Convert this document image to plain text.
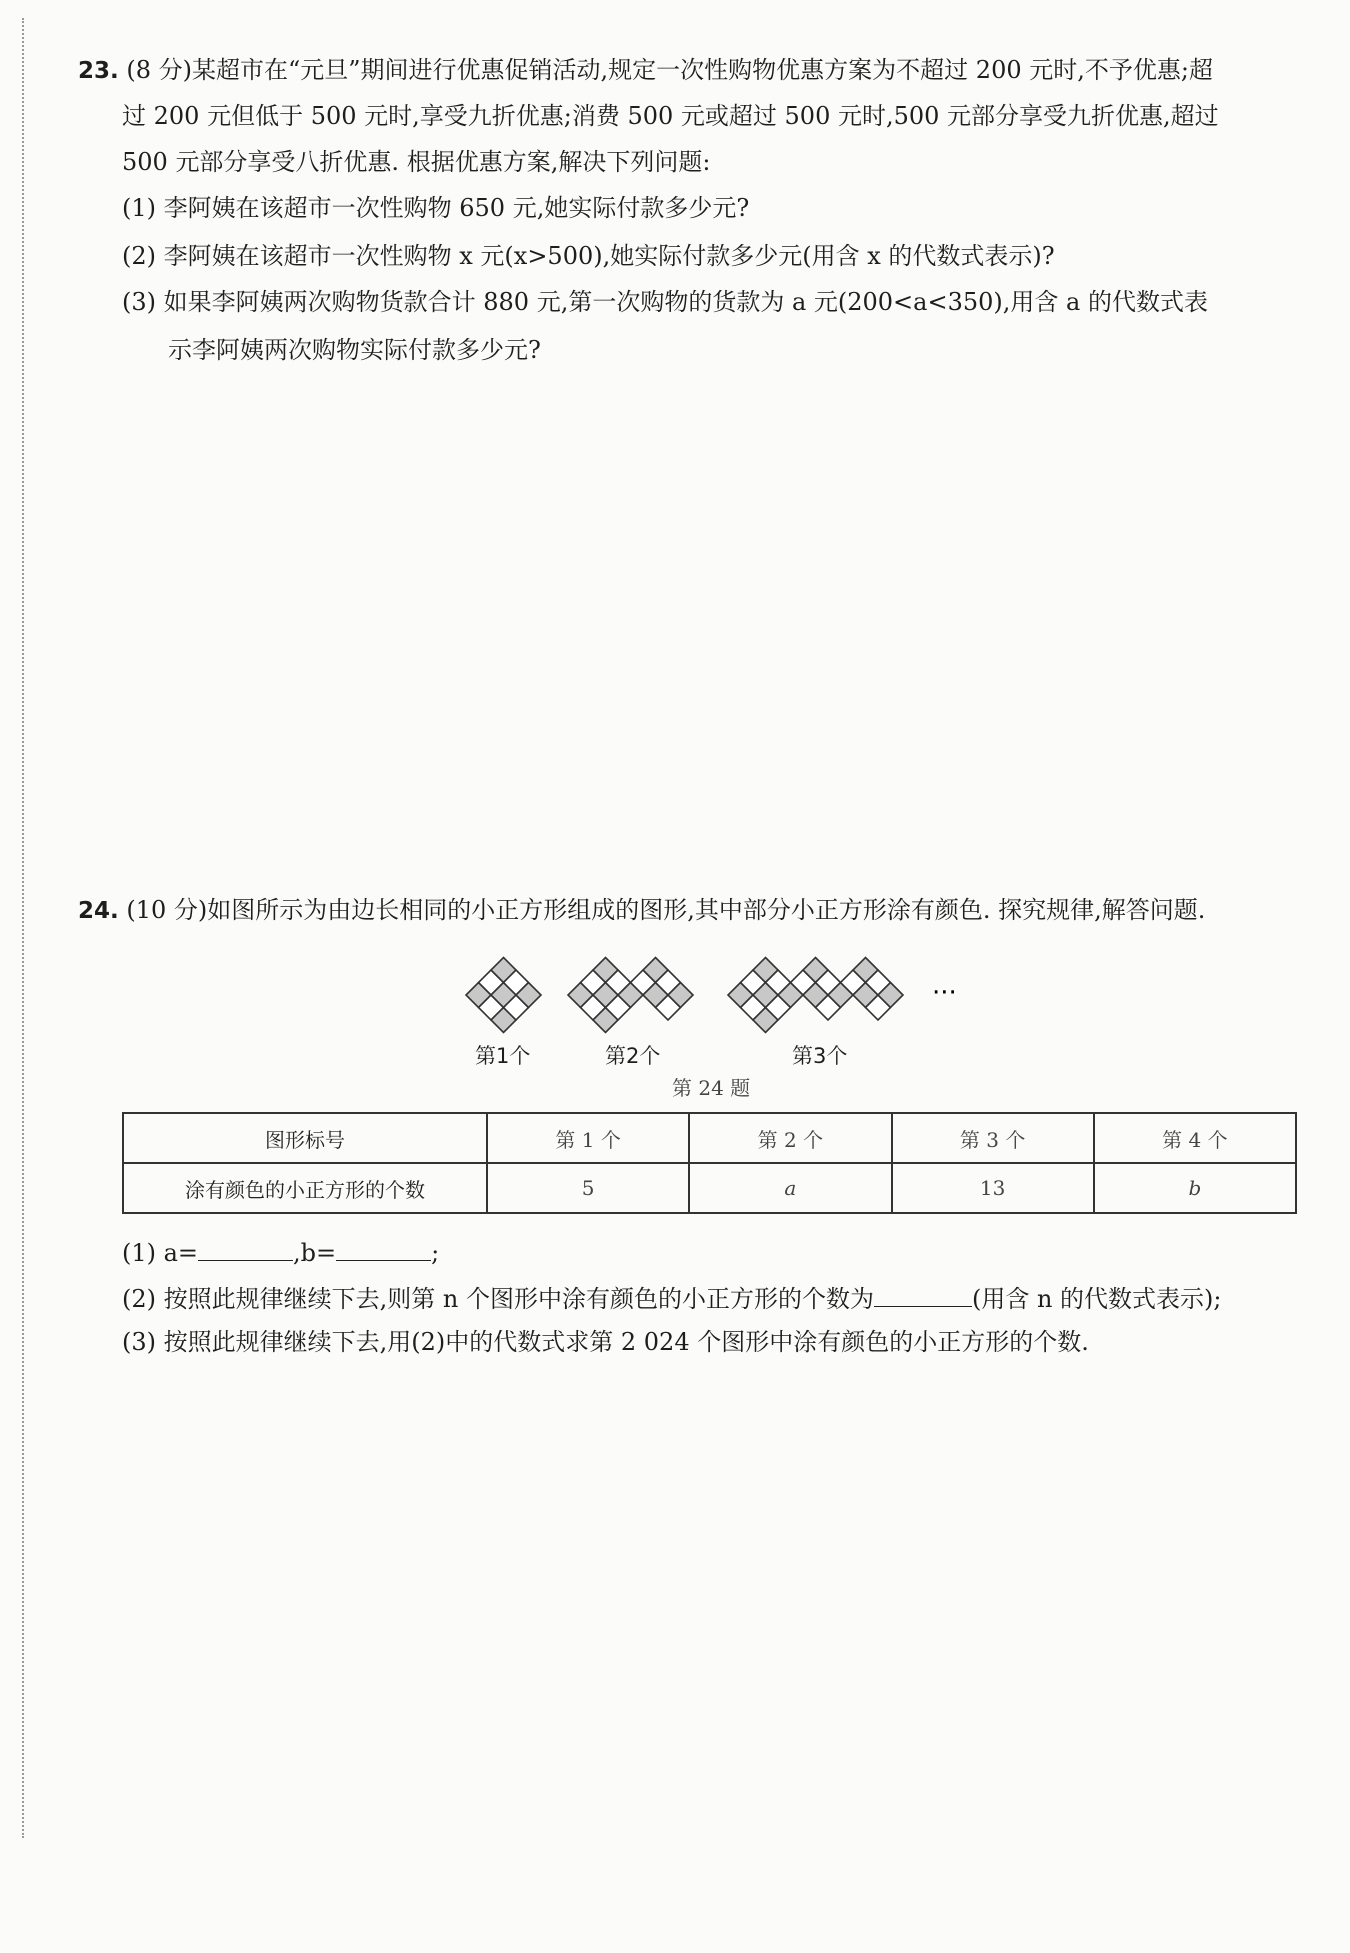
23. (8 分)某超市在“元旦”期间进行优惠促销活动,规定一次性购物优惠方案为不超过 200 元时,不予优惠;超
过 200 元但低于 500 元时,享受九折优惠;消费 500 元或超过 500 元时,500 元部分享受九折优惠,超过
500 元部分享受八折优惠. 根据优惠方案,解决下列问题:
(1) 李阿姨在该超市一次性购物 650 元,她实际付款多少元?
(2) 李阿姨在该超市一次性购物 x 元(x>500),她实际付款多少元(用含 x 的代数式表示)?
(3) 如果李阿姨两次购物货款合计 880 元,第一次购物的货款为 a 元(200<a<350),用含 a 的代数式表
示李阿姨两次购物实际付款多少元?
24. (10 分)如图所示为由边长相同的小正方形组成的图形,其中部分小正方形涂有颜色. 探究规律,解答问题.
···
第1个	第2个	第3个
第 24 题
图形标号	第 1 个	第 2 个	第 3 个	第 4 个
涂有颜色的小正方形的个数	5	a	13	b
(1) a=	,b=	;
(2) 按照此规律继续下去,则第 n 个图形中涂有颜色的小正方形的个数为	(用含 n 的代数式表示);
(3) 按照此规律继续下去,用(2)中的代数式求第 2 024 个图形中涂有颜色的小正方形的个数.
